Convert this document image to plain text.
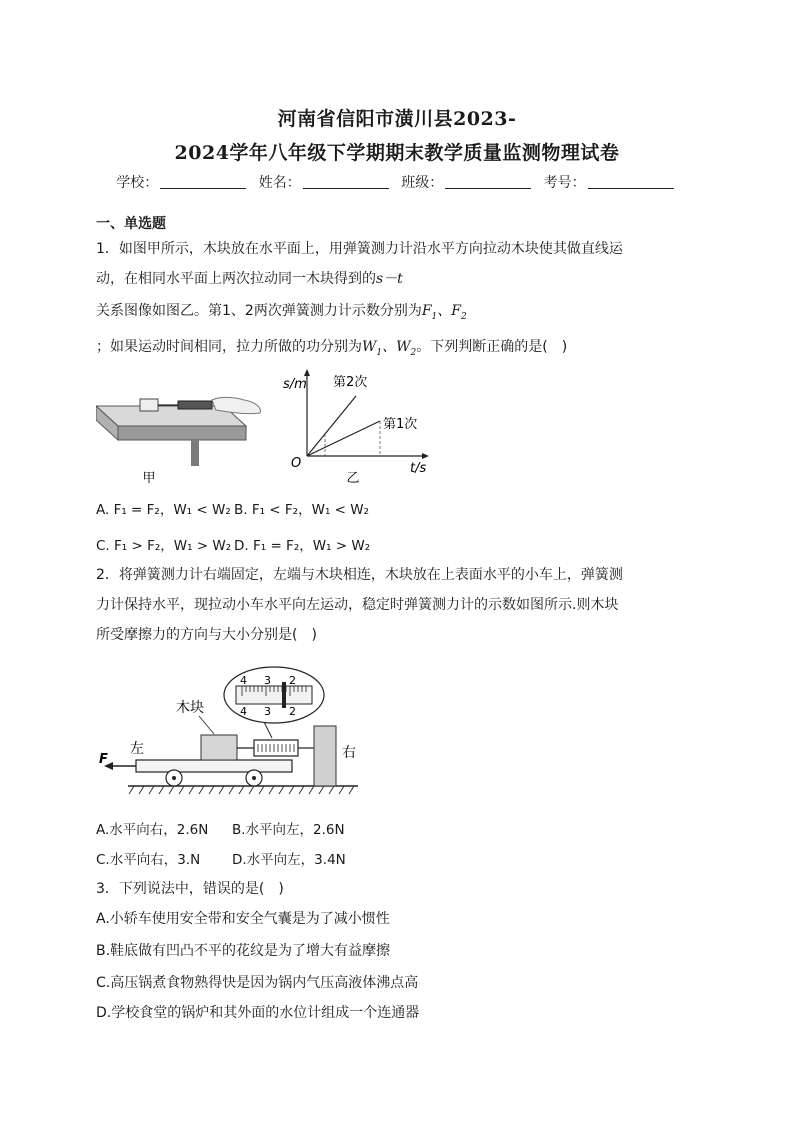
河南省信阳市潢川县2023-
2024学年八年级下学期期末教学质量监测物理试卷
学校：	姓名：	班级：	考号：
一、单选题
1．如图甲所示，木块放在水平面上，用弹簧测力计沿水平方向拉动木块使其做直线运
动，在相同水平面上两次拉动同一木块得到的s－t
关系图像如图乙。第1、2两次弹簧测力计示数分别为$F_1$、$F_2$
；如果运动时间相同，拉力所做的功分别为$W_1$、$W_2$。下列判断正确的是(　)
甲
s/m 第2次
第1次
O	t/s
乙
A. F₁ = F₂，W₁ < W₂ B. F₁ < F₂，W₁ < W₂
C. F₁ > F₂，W₁ > W₂ D. F₁ = F₂，W₁ > W₂
2．将弹簧测力计右端固定，左端与木块相连，木块放在上表面水平的小车上，弹簧测
力计保持水平，现拉动小车水平向左运动，稳定时弹簧测力计的示数如图所示.则木块
所受摩擦力的方向与大小分别是(　)
F
左
木块
右
4 3 2
4 3 2
A.水平向右，2.6N B.水平向左，2.6N
C.水平向右，3.N D.水平向左，3.4N
3．下列说法中，错误的是(　)
A.小轿车使用安全带和安全气囊是为了减小惯性
B.鞋底做有凹凸不平的花纹是为了增大有益摩擦
C.高压锅煮食物熟得快是因为锅内气压高液体沸点高
D.学校食堂的锅炉和其外面的水位计组成一个连通器
